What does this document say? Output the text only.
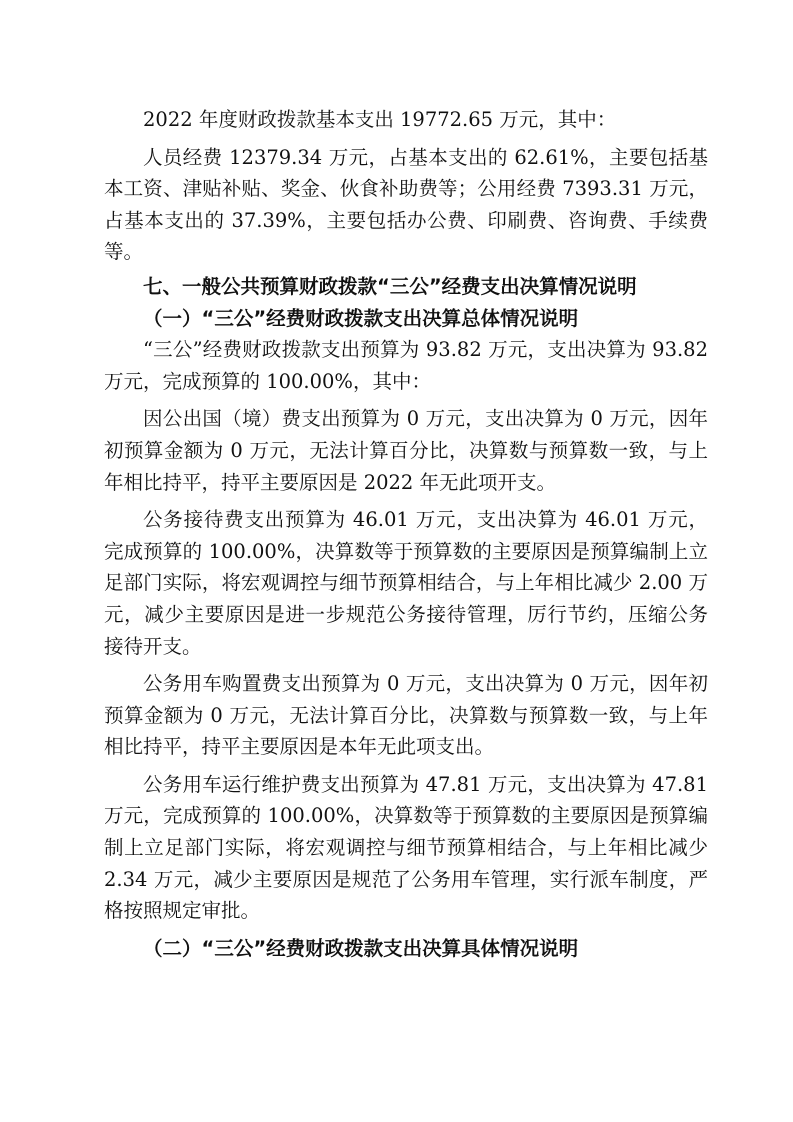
2022 年度财政拨款基本支出 19772.65 万元，其中：

人员经费 12379.34 万元，占基本支出的 62.61%，主要包括基本工资、津贴补贴、奖金、伙食补助费等；公用经费 7393.31 万元，占基本支出的 37.39%，主要包括办公费、印刷费、咨询费、手续费等。

七、一般公共预算财政拨款“三公”经费支出决算情况说明

（一）“三公”经费财政拨款支出决算总体情况说明

“三公”经费财政拨款支出预算为 93.82 万元，支出决算为 93.82 万元，完成预算的 100.00%，其中：

因公出国（境）费支出预算为 0 万元，支出决算为 0 万元，因年初预算金额为 0 万元，无法计算百分比，决算数与预算数一致，与上年相比持平，持平主要原因是 2022 年无此项开支。

公务接待费支出预算为 46.01 万元，支出决算为 46.01 万元，完成预算的 100.00%，决算数等于预算数的主要原因是预算编制上立足部门实际，将宏观调控与细节预算相结合，与上年相比减少 2.00 万元，减少主要原因是进一步规范公务接待管理，厉行节约，压缩公务接待开支。

公务用车购置费支出预算为 0 万元，支出决算为 0 万元，因年初预算金额为 0 万元，无法计算百分比，决算数与预算数一致，与上年相比持平，持平主要原因是本年无此项支出。

公务用车运行维护费支出预算为 47.81 万元，支出决算为 47.81 万元，完成预算的 100.00%，决算数等于预算数的主要原因是预算编制上立足部门实际，将宏观调控与细节预算相结合，与上年相比减少 2.34 万元，减少主要原因是规范了公务用车管理，实行派车制度，严格按照规定审批。

（二）“三公”经费财政拨款支出决算具体情况说明
